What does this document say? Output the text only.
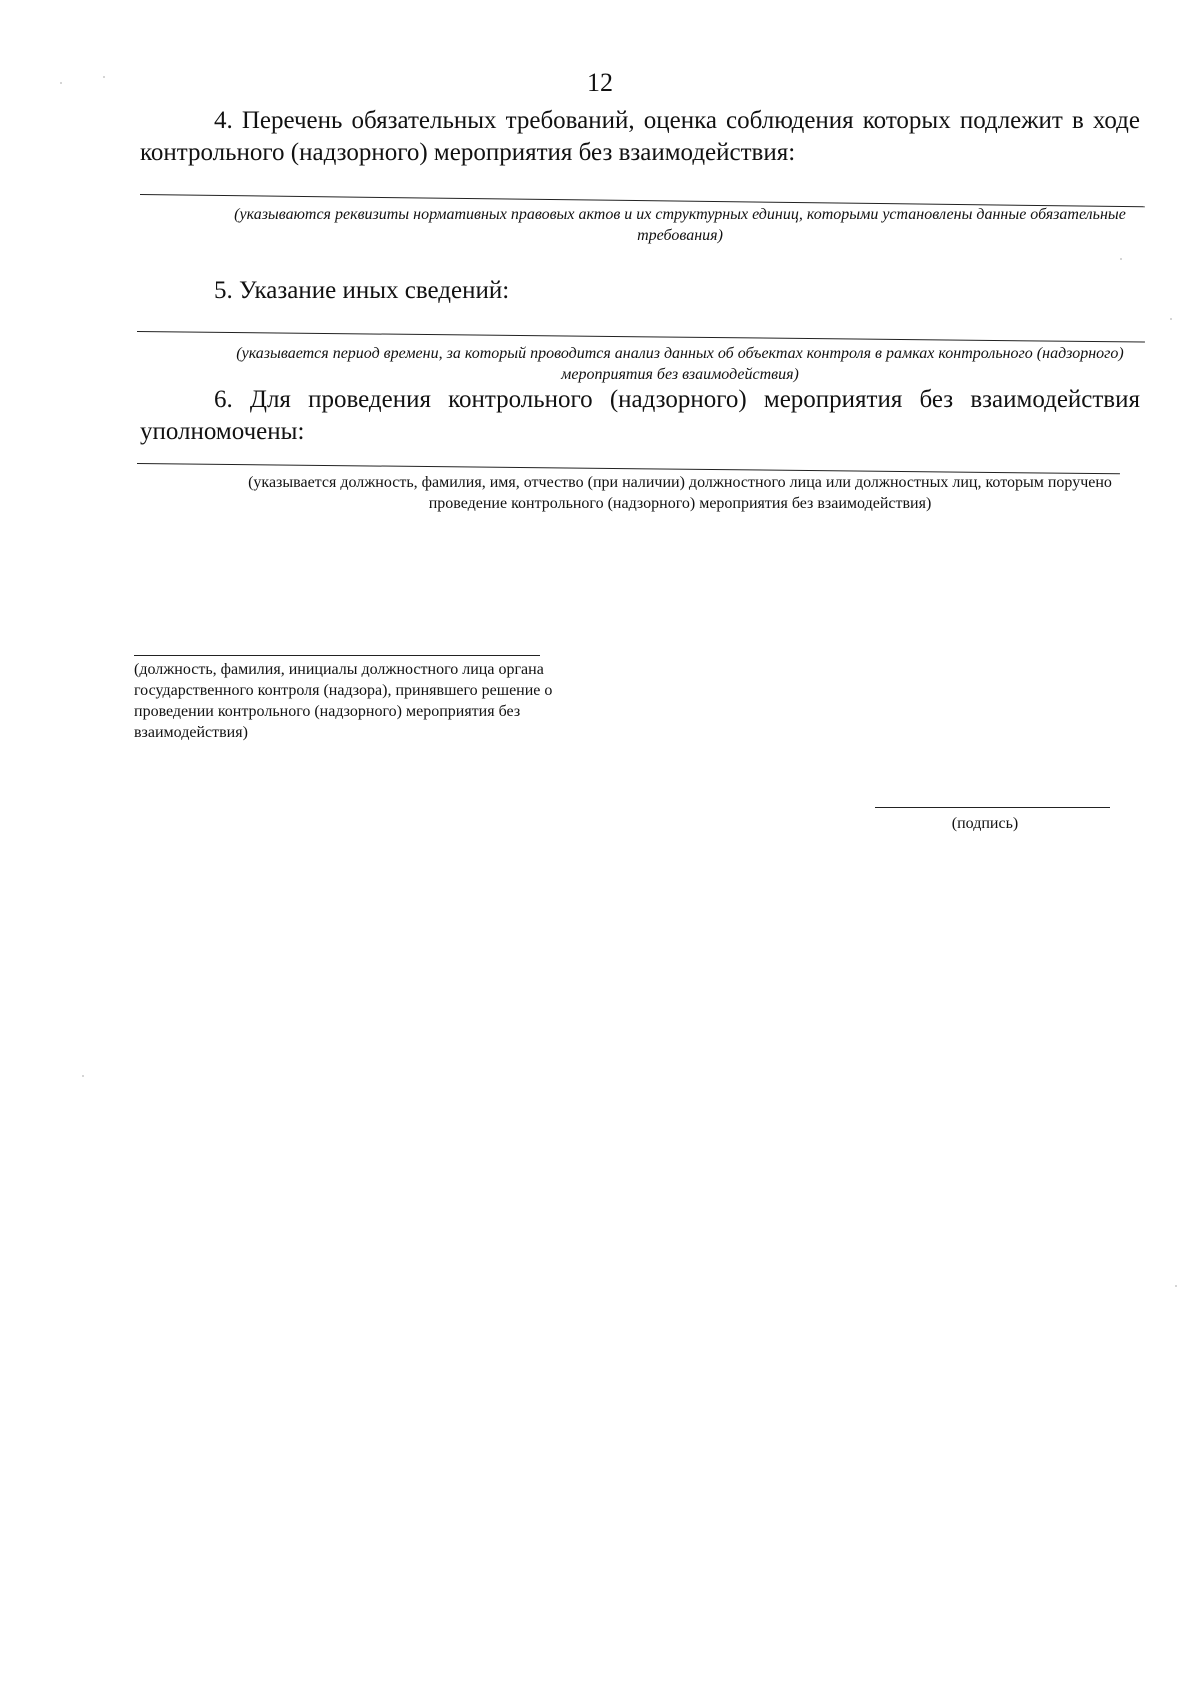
12
4. Перечень обязательных требований, оценка соблюдения которых подлежит в ходе контрольного (надзорного) мероприятия без взаимодействия:
(указываются реквизиты нормативных правовых актов и их структурных единиц, которыми установлены данные обязательные требования)
5. Указание иных сведений:
(указывается период времени, за который проводится анализ данных об объектах контроля в рамках контрольного (надзорного) мероприятия без взаимодействия)
6. Для проведения контрольного (надзорного) мероприятия без взаимодействия уполномочены:
(указывается должность, фамилия, имя, отчество (при наличии) должностного лица или должностных лиц, которым поручено проведение контрольного (надзорного) мероприятия без взаимодействия)
(должность, фамилия, инициалы должностного лица органа государственного контроля (надзора), принявшего решение о проведении контрольного (надзорного) мероприятия без взаимодействия)
(подпись)
